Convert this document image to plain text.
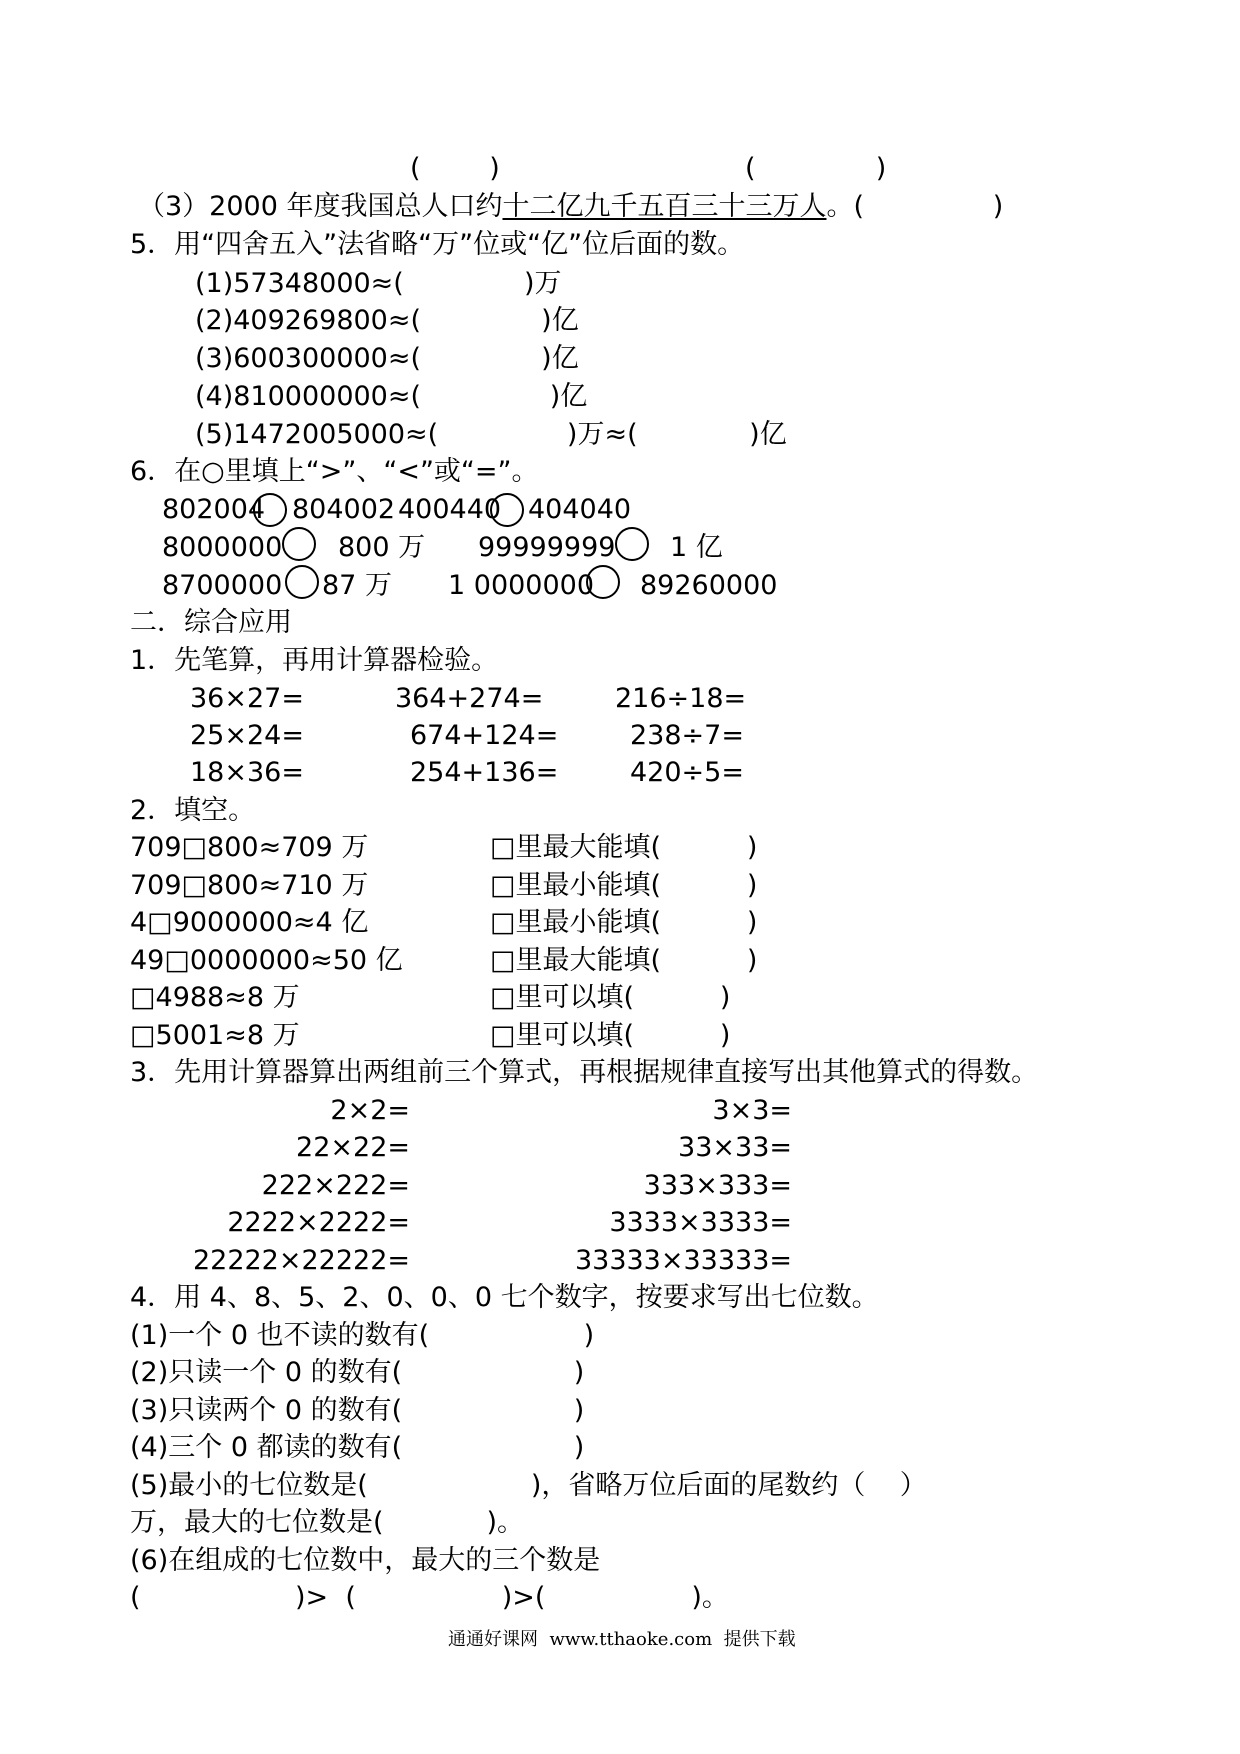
(        )	(              )
（3）2000 年度我国总人口约十二亿九千五百三十三万人。(               )
5．用“四舍五入”法省略“万”位或“亿”位后面的数。
(1)57348000≈(              )万
(2)409269800≈(              )亿
(3)600300000≈(              )亿
(4)810000000≈(               )亿
(5)1472005000≈(               )万≈(             )亿
6．在○里填上“>”、“<”或“=”。
802004 804002 400440 404040
8000000 800 万 99999999 1 亿
8700000 87 万 1 0000000 89260000
二．综合应用
1．先笔算，再用计算器检验。
36×27=
25×24=
18×36=
364+274=
674+124=
254+136=
216÷18=
238÷7=
420÷5=
2．填空。
709□800≈709 万
709□800≈710 万
4□9000000≈4 亿
49□0000000≈50 亿
□4988≈8 万
□5001≈8 万
□里最大能填(          )
□里最小能填(          )
□里最小能填(          )
□里最大能填(          )
□里可以填(          )
□里可以填(          )
3．先用计算器算出两组前三个算式，再根据规律直接写出其他算式的得数。
2×2=
22×22=
222×222=
2222×2222=
22222×22222=
3×3=
33×33=
333×333=
3333×3333=
33333×33333=
4．用 4、8、5、2、0、0、0 七个数字，按要求写出七位数。
(1)一个 0 也不读的数有(                  )
(2)只读一个 0 的数有(                    )
(3)只读两个 0 的数有(                    )
(4)三个 0 都读的数有(                    )
(5)最小的七位数是(                   )，省略万位后面的尾数约（    ）
万，最大的七位数是(            )。
(6)在组成的七位数中，最大的三个数是
(                  )>  (                 )>(                 )。
通通好课网  www.tthaoke.com  提供下载
